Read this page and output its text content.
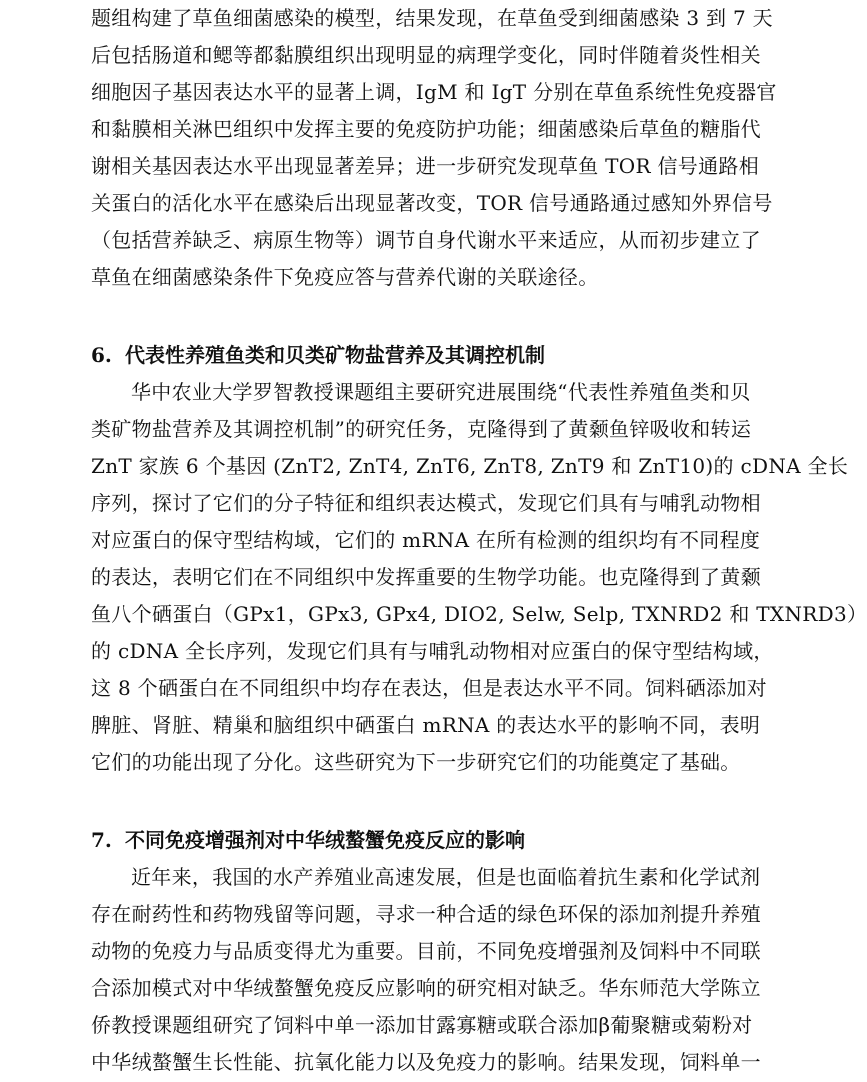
题组构建了草鱼细菌感染的模型，结果发现，在草鱼受到细菌感染 3 到 7 天
后包括肠道和鳃等都黏膜组织出现明显的病理学变化，同时伴随着炎性相关
细胞因子基因表达水平的显著上调，IgM 和 IgT 分别在草鱼系统性免疫器官
和黏膜相关淋巴组织中发挥主要的免疫防护功能；细菌感染后草鱼的糖脂代
谢相关基因表达水平出现显著差异；进一步研究发现草鱼 TOR 信号通路相
关蛋白的活化水平在感染后出现显著改变，TOR 信号通路通过感知外界信号
（包括营养缺乏、病原生物等）调节自身代谢水平来适应，从而初步建立了
草鱼在细菌感染条件下免疫应答与营养代谢的关联途径。
6. 代表性养殖鱼类和贝类矿物盐营养及其调控机制
华中农业大学罗智教授课题组主要研究进展围绕“代表性养殖鱼类和贝
类矿物盐营养及其调控机制”的研究任务，克隆得到了黄颡鱼锌吸收和转运
ZnT 家族 6 个基因 (ZnT2, ZnT4, ZnT6, ZnT8, ZnT9 和 ZnT10)的 cDNA 全长
序列，探讨了它们的分子特征和组织表达模式，发现它们具有与哺乳动物相
对应蛋白的保守型结构域，它们的 mRNA 在所有检测的组织均有不同程度
的表达，表明它们在不同组织中发挥重要的生物学功能。也克隆得到了黄颡
鱼八个硒蛋白（GPx1，GPx3, GPx4, DIO2, Selw, Selp, TXNRD2 和 TXNRD3）
的 cDNA 全长序列，发现它们具有与哺乳动物相对应蛋白的保守型结构域，
这 8 个硒蛋白在不同组织中均存在表达，但是表达水平不同。饲料硒添加对
脾脏、肾脏、精巢和脑组织中硒蛋白 mRNA 的表达水平的影响不同，表明
它们的功能出现了分化。这些研究为下一步研究它们的功能奠定了基础。
7. 不同免疫增强剂对中华绒螯蟹免疫反应的影响
近年来，我国的水产养殖业高速发展，但是也面临着抗生素和化学试剂
存在耐药性和药物残留等问题，寻求一种合适的绿色环保的添加剂提升养殖
动物的免疫力与品质变得尤为重要。目前，不同免疫增强剂及饲料中不同联
合添加模式对中华绒螯蟹免疫反应影响的研究相对缺乏。华东师范大学陈立
侨教授课题组研究了饲料中单一添加甘露寡糖或联合添加β葡聚糖或菊粉对
中华绒螯蟹生长性能、抗氧化能力以及免疫力的影响。结果发现，饲料单一
